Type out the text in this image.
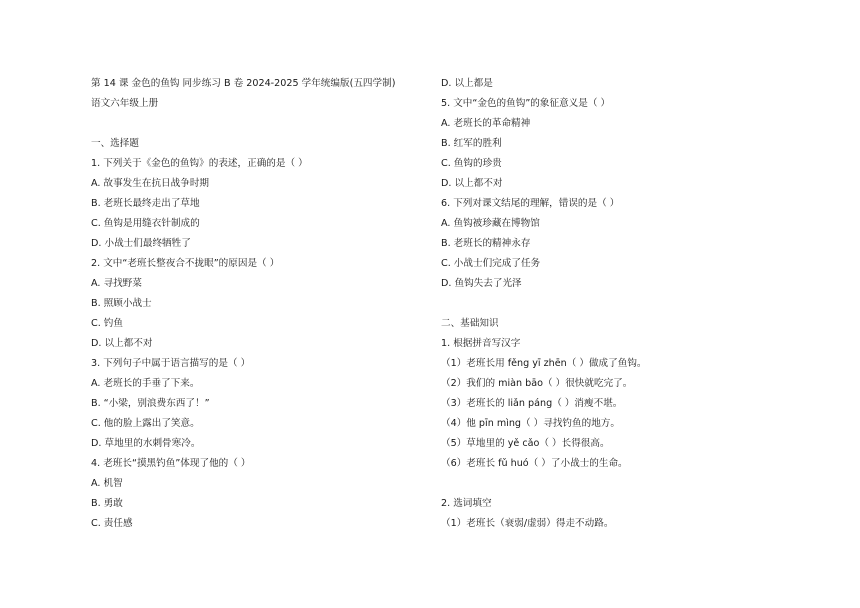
第 14 课 金色的鱼钩 同步练习 B 卷 2024-2025 学年统编版(五四学制)
语文六年级上册
一、选择题
1. 下列关于《金色的鱼钩》的表述，正确的是（ ）
A. 故事发生在抗日战争时期
B. 老班长最终走出了草地
C. 鱼钩是用缝衣针制成的
D. 小战士们最终牺牲了
2. 文中“老班长整夜合不拢眼”的原因是（ ）
A. 寻找野菜
B. 照顾小战士
C. 钓鱼
D. 以上都不对
3. 下列句子中属于语言描写的是（ ）
A. 老班长的手垂了下来。
B. “小梁，别浪费东西了！”
C. 他的脸上露出了笑意。
D. 草地里的水刺骨寒冷。
4. 老班长“摸黑钓鱼”体现了他的（ ）
A. 机智
B. 勇敢
C. 责任感
D. 以上都是
5. 文中“金色的鱼钩”的象征意义是（ ）
A. 老班长的革命精神
B. 红军的胜利
C. 鱼钩的珍贵
D. 以上都不对
6. 下列对课文结尾的理解，错误的是（ ）
A. 鱼钩被珍藏在博物馆
B. 老班长的精神永存
C. 小战士们完成了任务
D. 鱼钩失去了光泽
二、基础知识
1. 根据拼音写汉字
（1）老班长用 fěng yī zhēn（ ）做成了鱼钩。
（2）我们的 miàn bāo（ ）很快就吃完了。
（3）老班长的 liǎn páng（ ）消瘦不堪。
（4）他 pīn mìng（ ）寻找钓鱼的地方。
（5）草地里的 yě cǎo（ ）长得很高。
（6）老班长 fǔ huó（ ）了小战士的生命。
2. 选词填空
（1）老班长（衰弱/虚弱）得走不动路。
